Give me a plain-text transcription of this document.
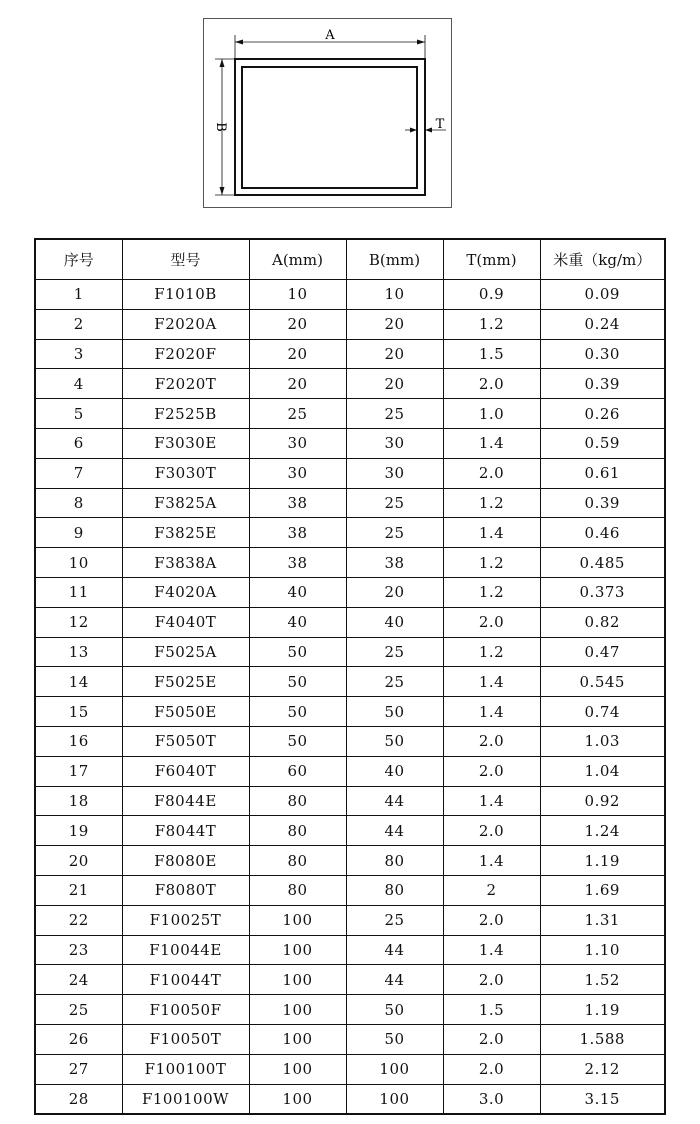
A
B	T
序号	型号	A(mm)	B(mm)	T(mm)	米重（kg/m）
1	F1010B	10	10	0.9	0.09
2	F2020A	20	20	1.2	0.24
3	F2020F	20	20	1.5	0.30
4	F2020T	20	20	2.0	0.39
5	F2525B	25	25	1.0	0.26
6	F3030E	30	30	1.4	0.59
7	F3030T	30	30	2.0	0.61
8	F3825A	38	25	1.2	0.39
9	F3825E	38	25	1.4	0.46
10	F3838A	38	38	1.2	0.485
11	F4020A	40	20	1.2	0.373
12	F4040T	40	40	2.0	0.82
13	F5025A	50	25	1.2	0.47
14	F5025E	50	25	1.4	0.545
15	F5050E	50	50	1.4	0.74
16	F5050T	50	50	2.0	1.03
17	F6040T	60	40	2.0	1.04
18	F8044E	80	44	1.4	0.92
19	F8044T	80	44	2.0	1.24
20	F8080E	80	80	1.4	1.19
21	F8080T	80	80	2	1.69
22	F10025T	100	25	2.0	1.31
23	F10044E	100	44	1.4	1.10
24	F10044T	100	44	2.0	1.52
25	F10050F	100	50	1.5	1.19
26	F10050T	100	50	2.0	1.588
27	F100100T	100	100	2.0	2.12
28	F100100W	100	100	3.0	3.15
